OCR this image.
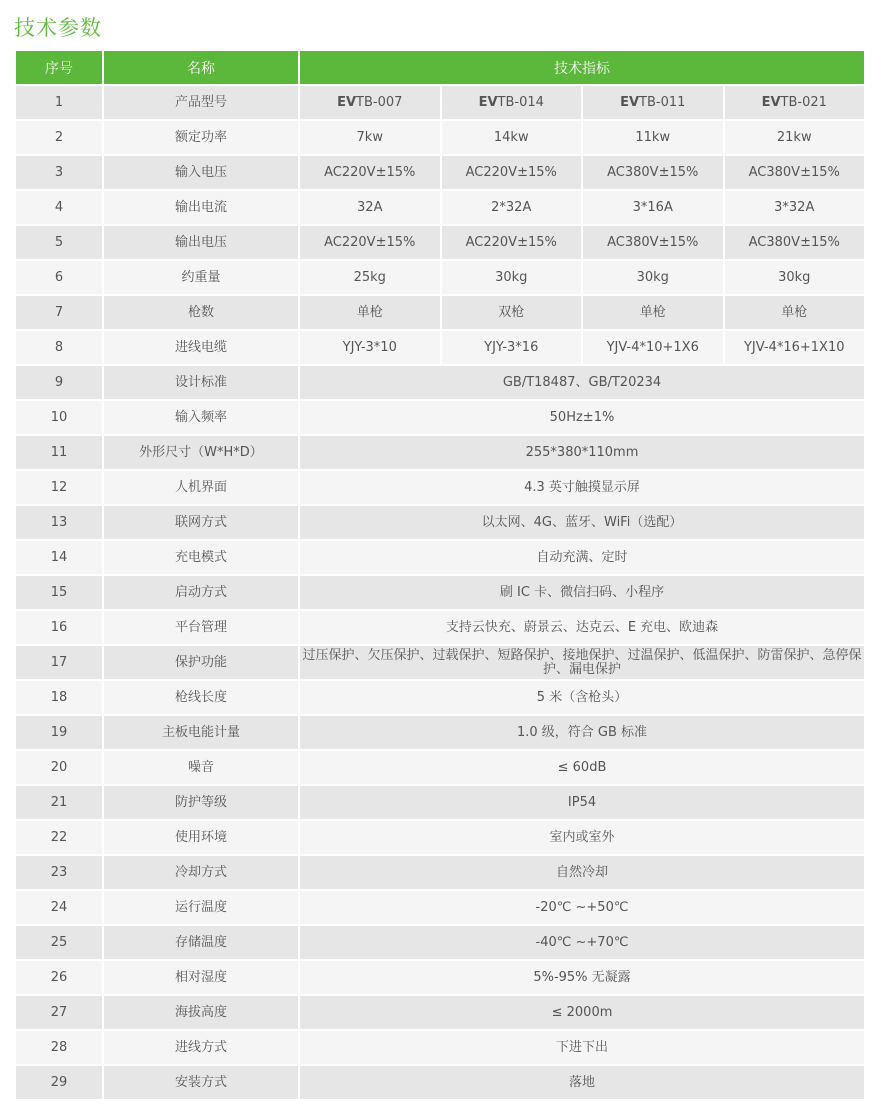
技术参数
序号	名称	技术指标			
1	产品型号	EVTB-007	EVTB-014	EVTB-011	EVTB-021
2	额定功率	7kw	14kw	11kw	21kw
3	输入电压	AC220V±15%	AC220V±15%	AC380V±15%	AC380V±15%
4	输出电流	32A	2*32A	3*16A	3*32A
5	输出电压	AC220V±15%	AC220V±15%	AC380V±15%	AC380V±15%
6	约重量	25kg	30kg	30kg	30kg
7	枪数	单枪	双枪	单枪	单枪
8	进线电缆	YJY-3*10	YJY-3*16	YJV-4*10+1X6	YJV-4*16+1X10
9	设计标准	GB/T18487、GB/T20234			
10	输入频率	50Hz±1%			
11	外形尺寸（W*H*D）	255*380*110mm			
12	人机界面	4.3 英寸触摸显示屏			
13	联网方式	以太网、4G、蓝牙、WiFi（选配）			
14	充电模式	自动充满、定时			
15	启动方式	刷 IC 卡、微信扫码、小程序			
16	平台管理	支持云快充、蔚景云、达克云、E 充电、欧迪森			
17	保护功能	过压保护、欠压保护、过载保护、短路保护、接地保护、过温保护、低温保护、防雷保护、急停保护、漏电保护			
18	枪线长度	5 米（含枪头）			
19	主板电能计量	1.0 级，符合 GB 标准			
20	噪音	≤ 60dB			
21	防护等级	IP54			
22	使用环境	室内或室外			
23	冷却方式	自然冷却			
24	运行温度	-20℃ ~+50℃			
25	存储温度	-40℃ ~+70℃			
26	相对湿度	5%-95% 无凝露			
27	海拔高度	≤ 2000m			
28	进线方式	下进下出			
29	安装方式	落地			
